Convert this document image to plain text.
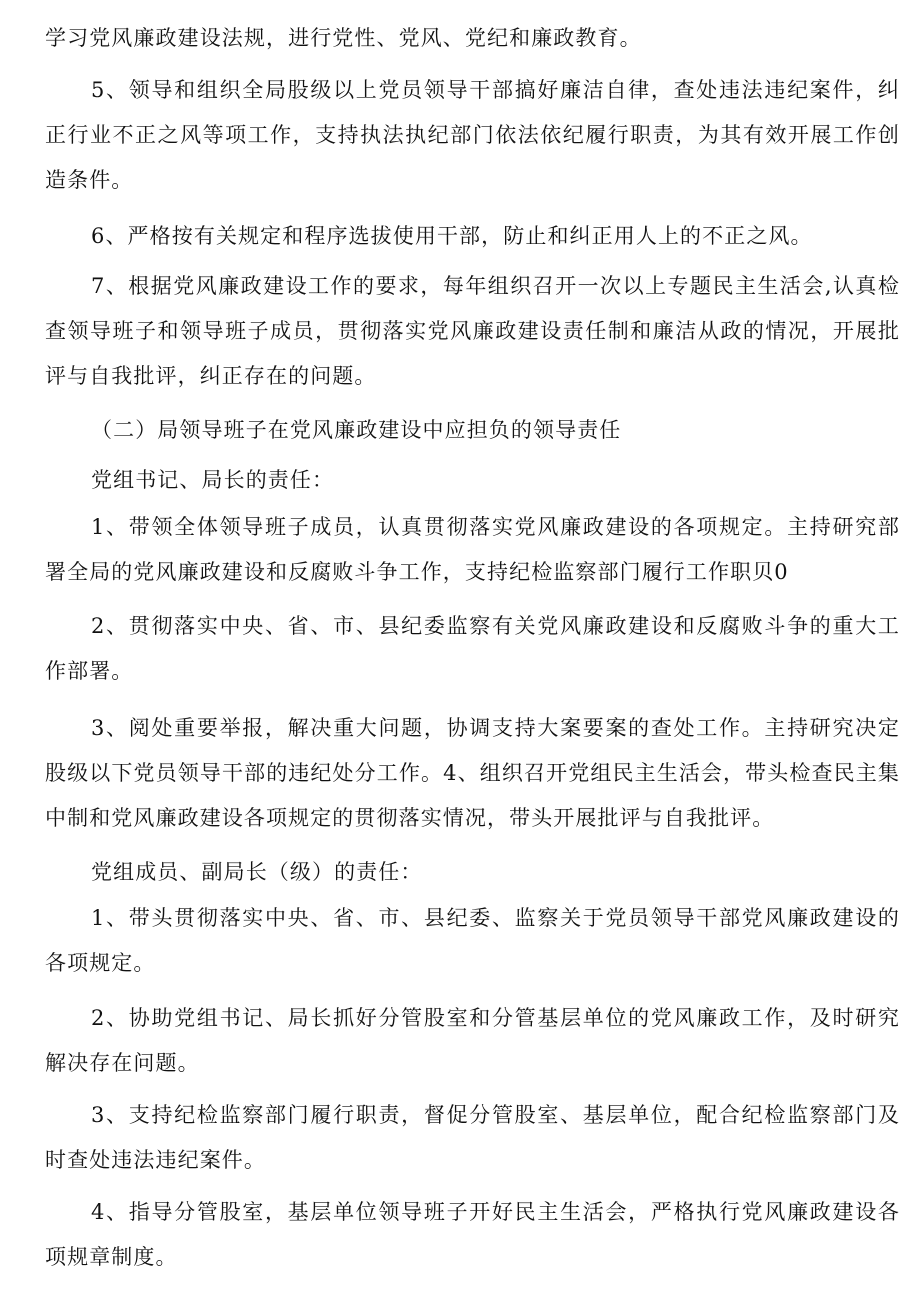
学习党风廉政建设法规，进行党性、党风、党纪和廉政教育。

5、领导和组织全局股级以上党员领导干部搞好廉洁自律，查处违法违纪案件，纠正行业不正之风等项工作，支持执法执纪部门依法依纪履行职责，为其有效开展工作创造条件。

6、严格按有关规定和程序选拔使用干部，防止和纠正用人上的不正之风。

7、根据党风廉政建设工作的要求，每年组织召开一次以上专题民主生活会,认真检查领导班子和领导班子成员，贯彻落实党风廉政建设责任制和廉洁从政的情况，开展批评与自我批评，纠正存在的问题。

（二）局领导班子在党风廉政建设中应担负的领导责任

党组书记、局长的责任：

1、带领全体领导班子成员，认真贯彻落实党风廉政建设的各项规定。主持研究部署全局的党风廉政建设和反腐败斗争工作，支持纪检监察部门履行工作职贝0

2、贯彻落实中央、省、市、县纪委监察有关党风廉政建设和反腐败斗争的重大工作部署。

3、阅处重要举报，解决重大问题，协调支持大案要案的查处工作。主持研究决定股级以下党员领导干部的违纪处分工作。4、组织召开党组民主生活会，带头检查民主集中制和党风廉政建设各项规定的贯彻落实情况，带头开展批评与自我批评。

党组成员、副局长（级）的责任：

1、带头贯彻落实中央、省、市、县纪委、监察关于党员领导干部党风廉政建设的各项规定。

2、协助党组书记、局长抓好分管股室和分管基层单位的党风廉政工作，及时研究解决存在问题。

3、支持纪检监察部门履行职责，督促分管股室、基层单位，配合纪检监察部门及时查处违法违纪案件。

4、指导分管股室，基层单位领导班子开好民主生活会，严格执行党风廉政建设各项规章制度。
